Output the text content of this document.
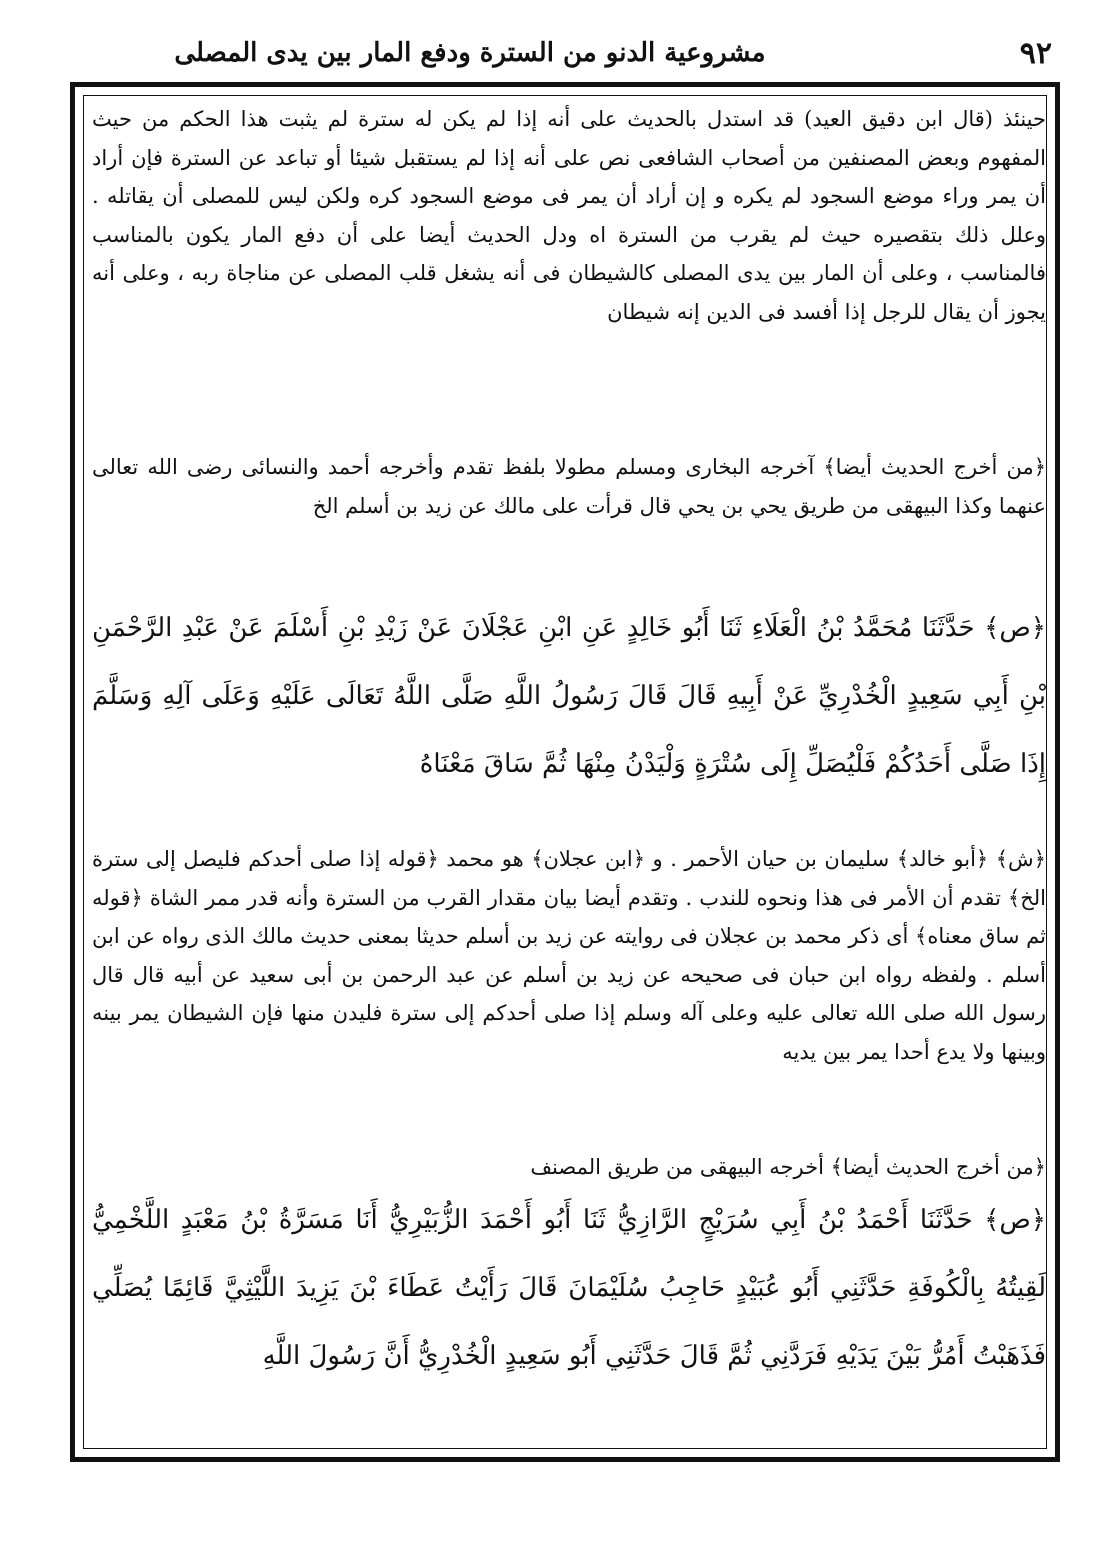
٩٢
مشروعية الدنو من السترة ودفع المار بين يدى المصلى

حينئذ (قال ابن دقيق العيد) قد استدل بالحديث على أنه إذا لم يكن له سترة لم يثبت هذا الحكم من حيث المفهوم وبعض المصنفين من أصحاب الشافعى نص على أنه إذا لم يستقبل شيئا أو تباعد عن السترة فإن أراد أن يمر وراء موضع السجود لم يكره و إن أراد أن يمر فى موضع السجود كره ولكن ليس للمصلى أن يقاتله . وعلل ذلك بتقصيره حيث لم يقرب من السترة اه ودل الحديث أيضا على أن دفع المار يكون بالمناسب فالمناسب ، وعلى أن المار بين يدى المصلى كالشيطان فى أنه يشغل قلب المصلى عن مناجاة ربه ، وعلى أنه يجوز أن يقال للرجل إذا أفسد فى الدين إنه شيطان

﴿من أخرج الحديث أيضا﴾ آخرجه البخارى ومسلم مطولا بلفظ تقدم وأخرجه أحمد والنسائى رضى الله تعالى عنهما وكذا البيهقى من طريق يحي بن يحي قال قرأت على مالك عن زيد بن أسلم الخ

﴿ص﴾ حَدَّثَنَا مُحَمَّدُ بْنُ الْعَلَاءِ ثَنَا أَبُو خَالِدٍ عَنِ ابْنِ عَجْلَانَ عَنْ زَيْدِ بْنِ أَسْلَمَ عَنْ عَبْدِ الرَّحْمَنِ بْنِ أَبِي سَعِيدٍ الْخُدْرِيِّ عَنْ أَبِيهِ قَالَ قَالَ رَسُولُ اللَّهِ صَلَّى اللَّهُ تَعَالَى عَلَيْهِ وَعَلَى آلِهِ وَسَلَّمَ إِذَا صَلَّى أَحَدُكُمْ فَلْيُصَلِّ إِلَى سُتْرَةٍ وَلْيَدْنُ مِنْهَا ثُمَّ سَاقَ مَعْنَاهُ

﴿ش﴾ ﴿أبو خالد﴾ سليمان بن حيان الأحمر . و ﴿ابن عجلان﴾ هو محمد ﴿قوله إذا صلى أحدكم فليصل إلى سترة الخ﴾ تقدم أن الأمر فى هذا ونحوه للندب . وتقدم أيضا بيان مقدار القرب من السترة وأنه قدر ممر الشاة ﴿قوله ثم ساق معناه﴾ أى ذكر محمد بن عجلان فى روايته عن زيد بن أسلم حديثا بمعنى حديث مالك الذى رواه عن ابن أسلم . ولفظه رواه ابن حبان فى صحيحه عن زيد بن أسلم عن عبد الرحمن بن أبى سعيد عن أبيه قال قال رسول الله صلى الله تعالى عليه وعلى آله وسلم إذا صلى أحدكم إلى سترة فليدن منها فإن الشيطان يمر بينه وبينها ولا يدع أحدا يمر بين يديه

﴿من أخرج الحديث أيضا﴾ أخرجه البيهقى من طريق المصنف

﴿ص﴾ حَدَّثَنَا أَحْمَدُ بْنُ أَبِي سُرَيْجٍ الرَّازِيُّ ثَنَا أَبُو أَحْمَدَ الزُّبَيْرِيُّ أَنَا مَسَرَّةُ بْنُ مَعْبَدٍ اللَّخْمِيُّ لَقِيتُهُ بِالْكُوفَةِ حَدَّثَنِي أَبُو عُبَيْدٍ حَاجِبُ سُلَيْمَانَ قَالَ رَأَيْتُ عَطَاءَ بْنَ يَزِيدَ اللَّيْثِيَّ قَائِمًا يُصَلِّي فَذَهَبْتُ أَمُرُّ بَيْنَ يَدَيْهِ فَرَدَّنِي ثُمَّ قَالَ حَدَّثَنِي أَبُو سَعِيدٍ الْخُدْرِيُّ أَنَّ رَسُولَ اللَّهِ
